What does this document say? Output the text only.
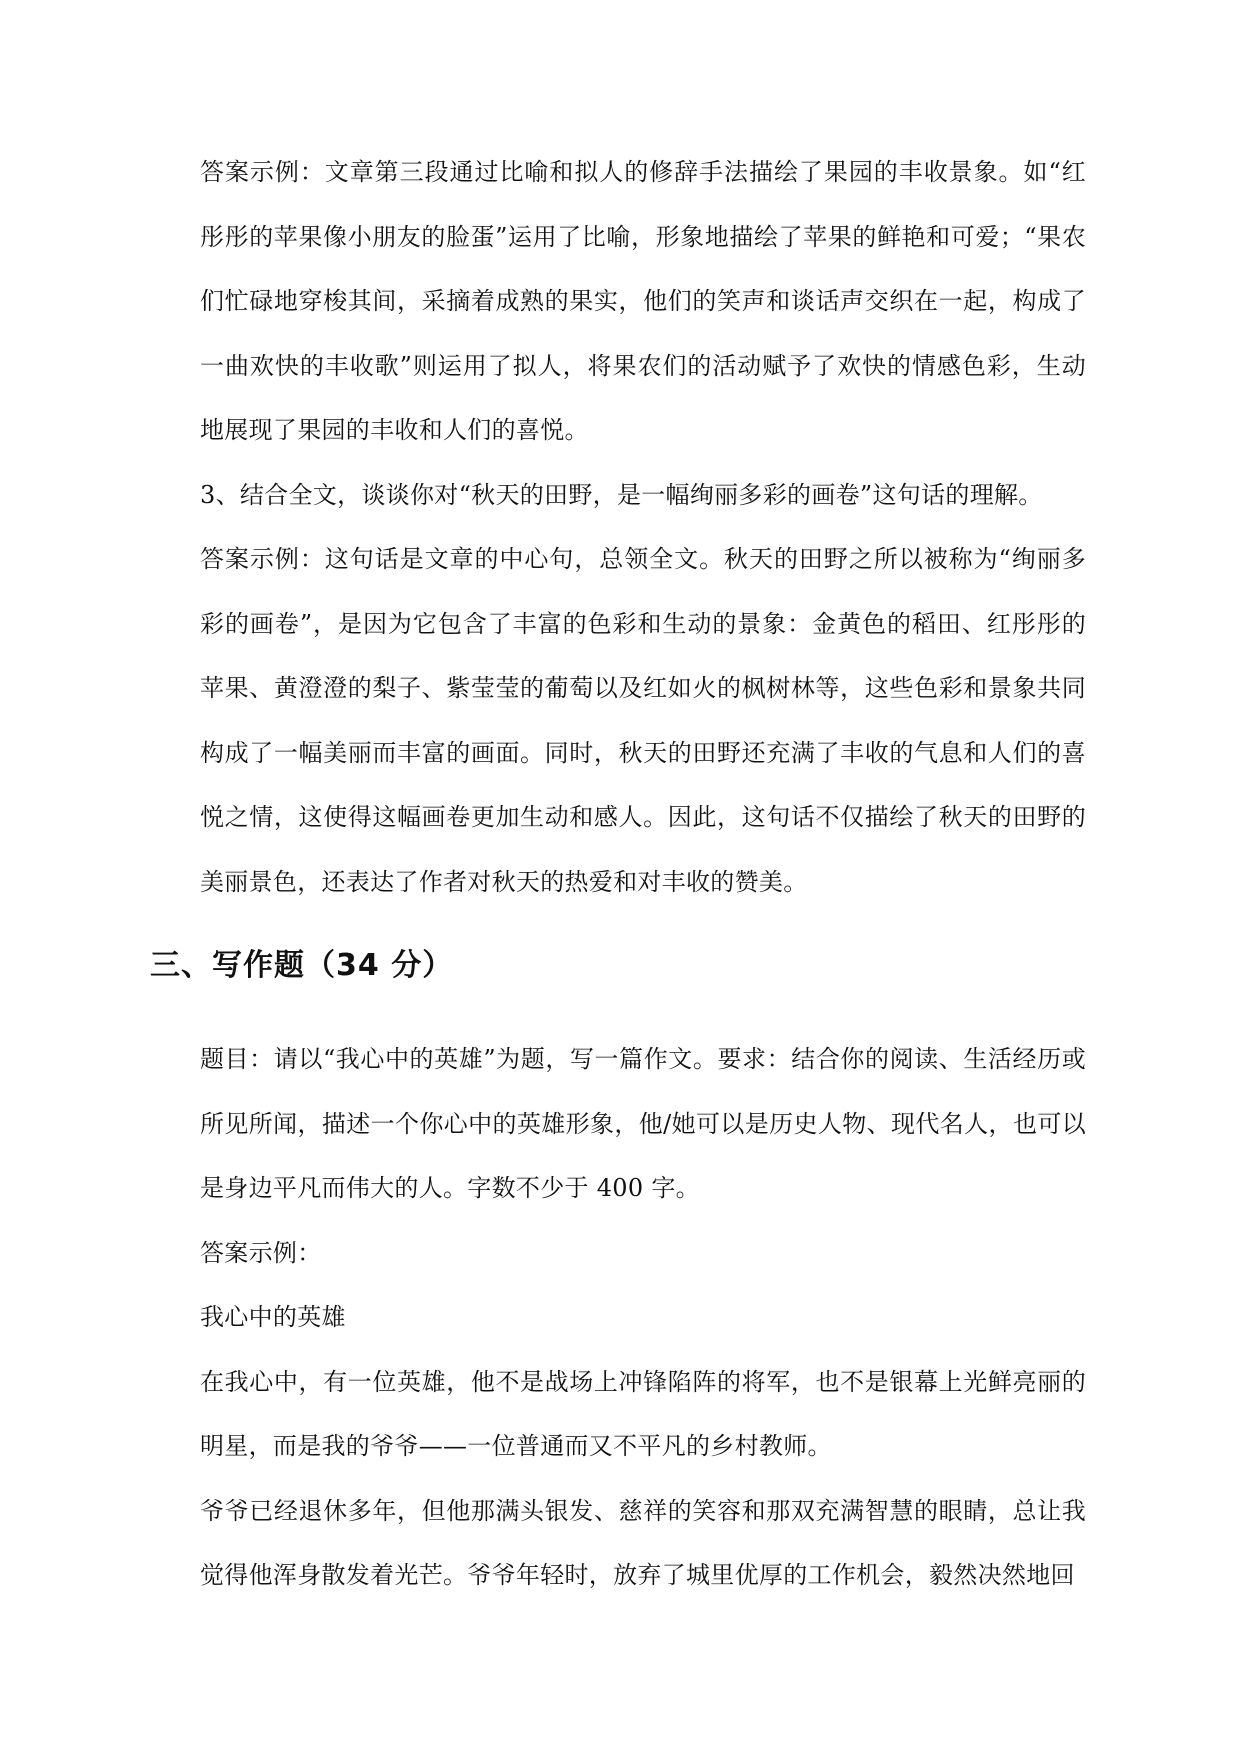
答案示例：文章第三段通过比喻和拟人的修辞手法描绘了果园的丰收景象。如“红彤彤的苹果像小朋友的脸蛋”运用了比喻，形象地描绘了苹果的鲜艳和可爱；“果农们忙碌地穿梭其间，采摘着成熟的果实，他们的笑声和谈话声交织在一起，构成了一曲欢快的丰收歌”则运用了拟人，将果农们的活动赋予了欢快的情感色彩，生动地展现了果园的丰收和人们的喜悦。

3、结合全文，谈谈你对“秋天的田野，是一幅绚丽多彩的画卷”这句话的理解。

答案示例：这句话是文章的中心句，总领全文。秋天的田野之所以被称为“绚丽多彩的画卷”，是因为它包含了丰富的色彩和生动的景象：金黄色的稻田、红彤彤的苹果、黄澄澄的梨子、紫莹莹的葡萄以及红如火的枫树林等，这些色彩和景象共同构成了一幅美丽而丰富的画面。同时，秋天的田野还充满了丰收的气息和人们的喜悦之情，这使得这幅画卷更加生动和感人。因此，这句话不仅描绘了秋天的田野的美丽景色，还表达了作者对秋天的热爱和对丰收的赞美。

三、写作题（34 分）

题目：请以“我心中的英雄”为题，写一篇作文。要求：结合你的阅读、生活经历或所见所闻，描述一个你心中的英雄形象，他/她可以是历史人物、现代名人，也可以是身边平凡而伟大的人。字数不少于 400 字。

答案示例：

我心中的英雄

在我心中，有一位英雄，他不是战场上冲锋陷阵的将军，也不是银幕上光鲜亮丽的明星，而是我的爷爷——一位普通而又不平凡的乡村教师。

爷爷已经退休多年，但他那满头银发、慈祥的笑容和那双充满智慧的眼睛，总让我觉得他浑身散发着光芒。爷爷年轻时，放弃了城里优厚的工作机会，毅然决然地回
